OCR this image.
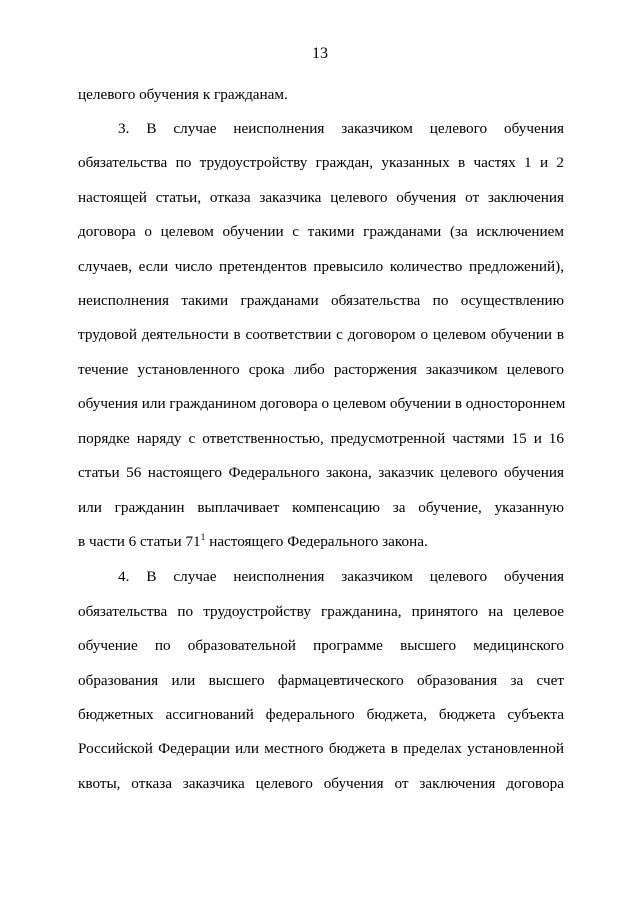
13
целевого обучения к гражданам.
3. В случае неисполнения заказчиком целевого обучения
обязательства по трудоустройству граждан, указанных в частях 1 и 2
настоящей статьи, отказа заказчика целевого обучения от заключения
договора о целевом обучении с такими гражданами (за исключением
случаев, если число претендентов превысило количество предложений),
неисполнения такими гражданами обязательства по осуществлению
трудовой деятельности в соответствии с договором о целевом обучении в
течение установленного срока либо расторжения заказчиком целевого
обучения или гражданином договора о целевом обучении в одностороннем
порядке наряду с ответственностью, предусмотренной частями 15 и 16
статьи 56 настоящего Федерального закона, заказчик целевого обучения
или гражданин выплачивает компенсацию за обучение, указанную
в части 6 статьи $71^1$ настоящего Федерального закона.
4. В случае неисполнения заказчиком целевого обучения
обязательства по трудоустройству гражданина, принятого на целевое
обучение по образовательной программе высшего медицинского
образования или высшего фармацевтического образования за счет
бюджетных ассигнований федерального бюджета, бюджета субъекта
Российской Федерации или местного бюджета в пределах установленной
квоты, отказа заказчика целевого обучения от заключения договора
